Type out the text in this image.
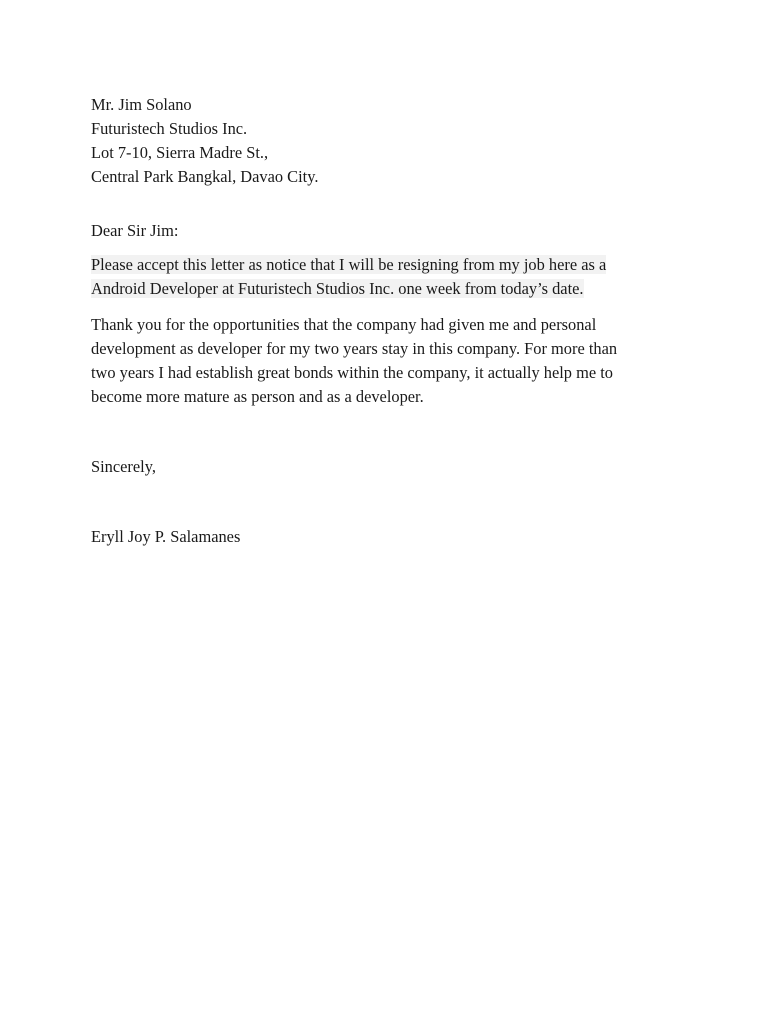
Mr. Jim Solano
Futuristech Studios Inc.
Lot 7-10, Sierra Madre St.,
Central Park Bangkal, Davao City.
Dear Sir Jim:

Please accept this letter as notice that I will be resigning from my job here as a
Android Developer at Futuristech Studios Inc. one week from today’s date.

Thank you for the opportunities that the company had given me and personal
development as developer for my two years stay in this company. For more than
two years I had establish great bonds within the company, it actually help me to
become more mature as person and as a developer.

Sincerely,
Eryll Joy P. Salamanes
